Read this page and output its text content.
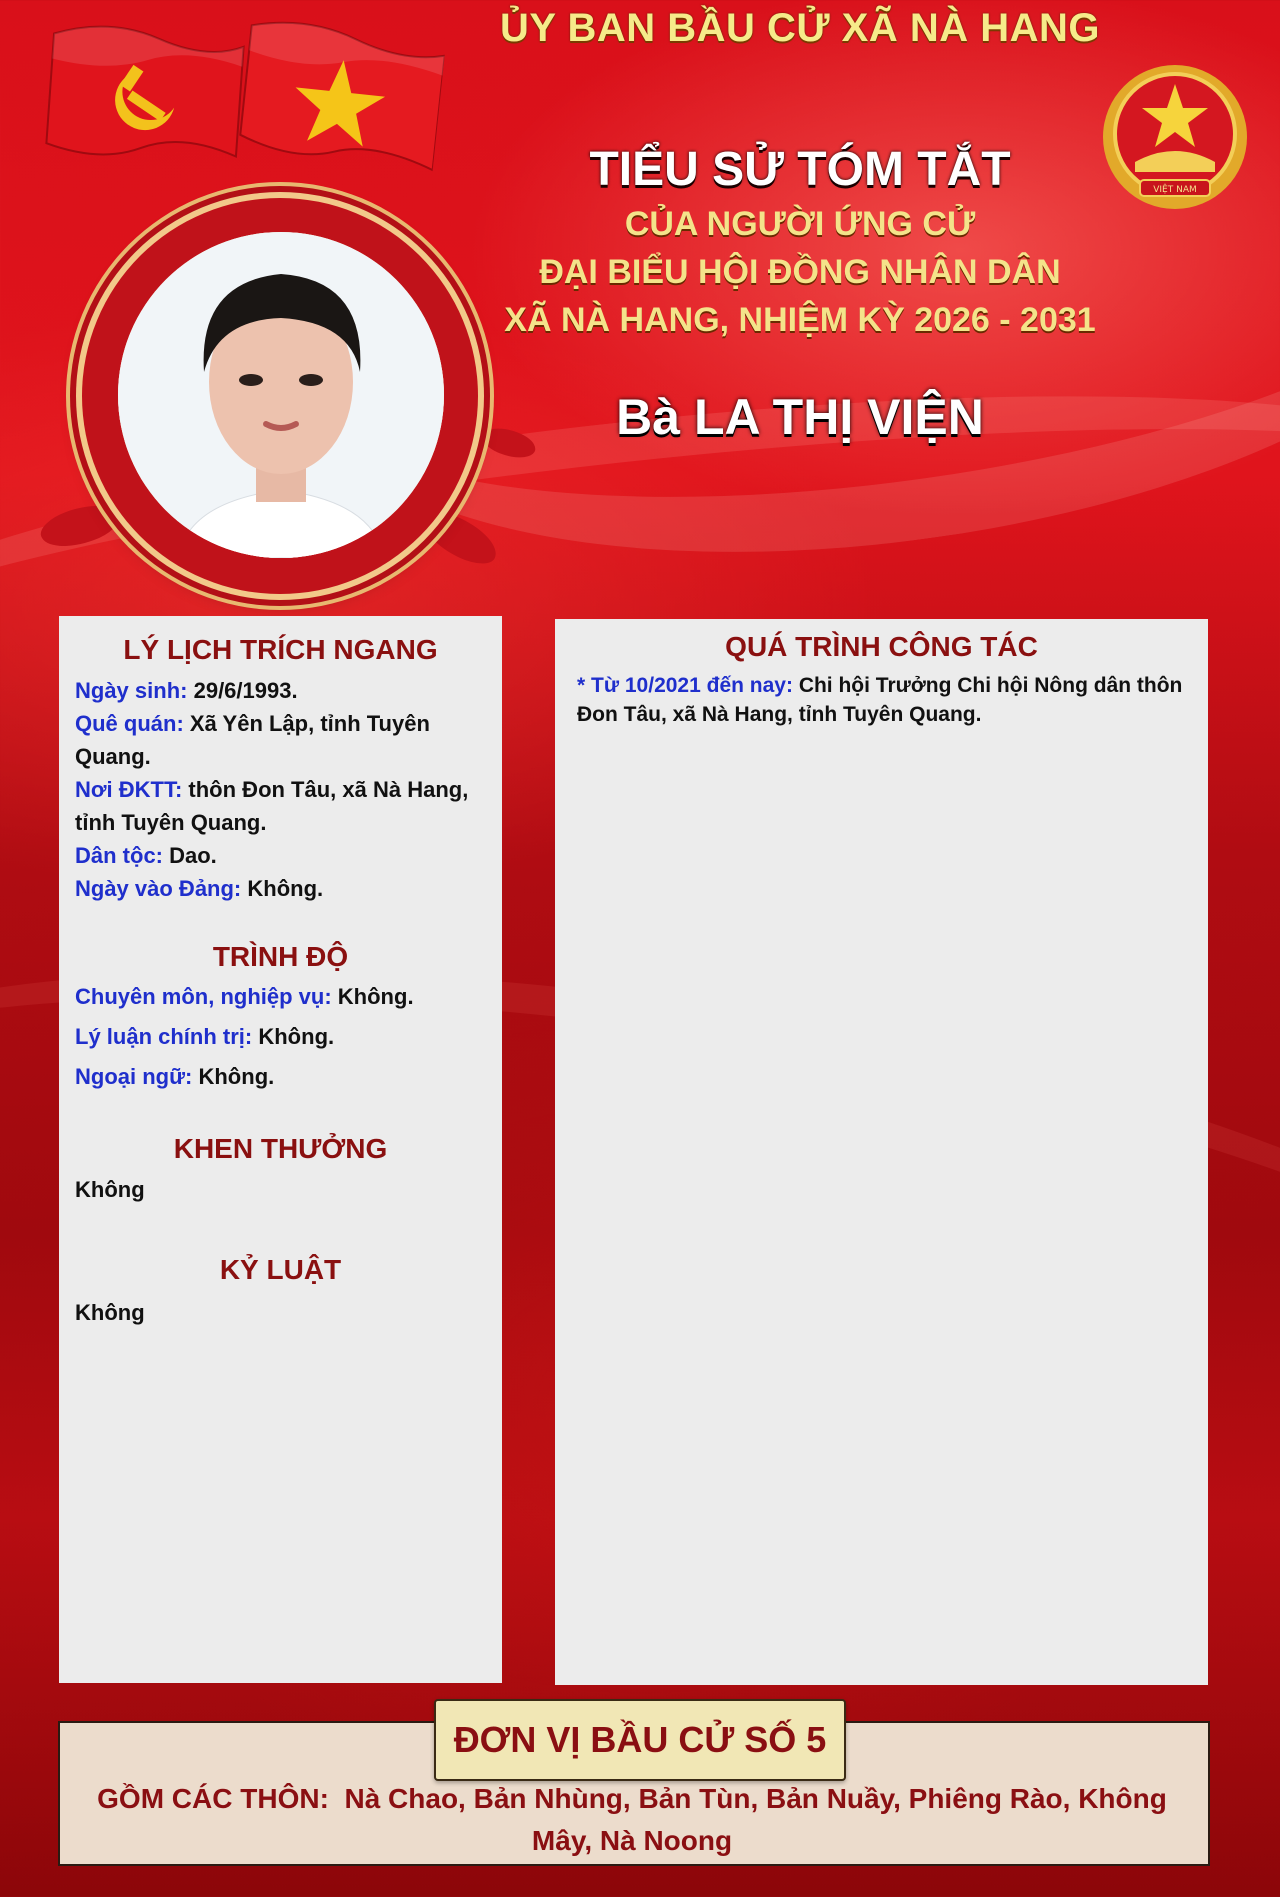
VIỆT NAM
ỦY BAN BẦU CỬ XÃ NÀ HANG
TIỂU SỬ TÓM TẮT
CỦA NGƯỜI ỨNG CỬ
ĐẠI BIỂU HỘI ĐỒNG NHÂN DÂN
XÃ NÀ HANG, NHIỆM KỲ 2026 - 2031
Bà LA THỊ VIỆN
LÝ LỊCH TRÍCH NGANG

Ngày sinh: 29/6/1993.

Quê quán: Xã Yên Lập, tỉnh Tuyên Quang.

Nơi ĐKTT: thôn Đon Tâu, xã Nà Hang, tỉnh Tuyên Quang.

Dân tộc: Dao.

Ngày vào Đảng: Không.

TRÌNH ĐỘ

Chuyên môn, nghiệp vụ: Không.

Lý luận chính trị: Không.

Ngoại ngữ: Không.

KHEN THƯỞNG

Không

KỶ LUẬT

Không

QUÁ TRÌNH CÔNG TÁC

* Từ 10/2021 đến nay: Chi hội Trưởng Chi hội Nông dân thôn Đon Tâu, xã Nà Hang, tỉnh Tuyên Quang.

ĐƠN VỊ BẦU CỬ SỐ 5
GỒM CÁC THÔN: Nà Chao, Bản Nhùng, Bản Tùn, Bản Nuầy, Phiêng Rào, Không Mây, Nà Noong
